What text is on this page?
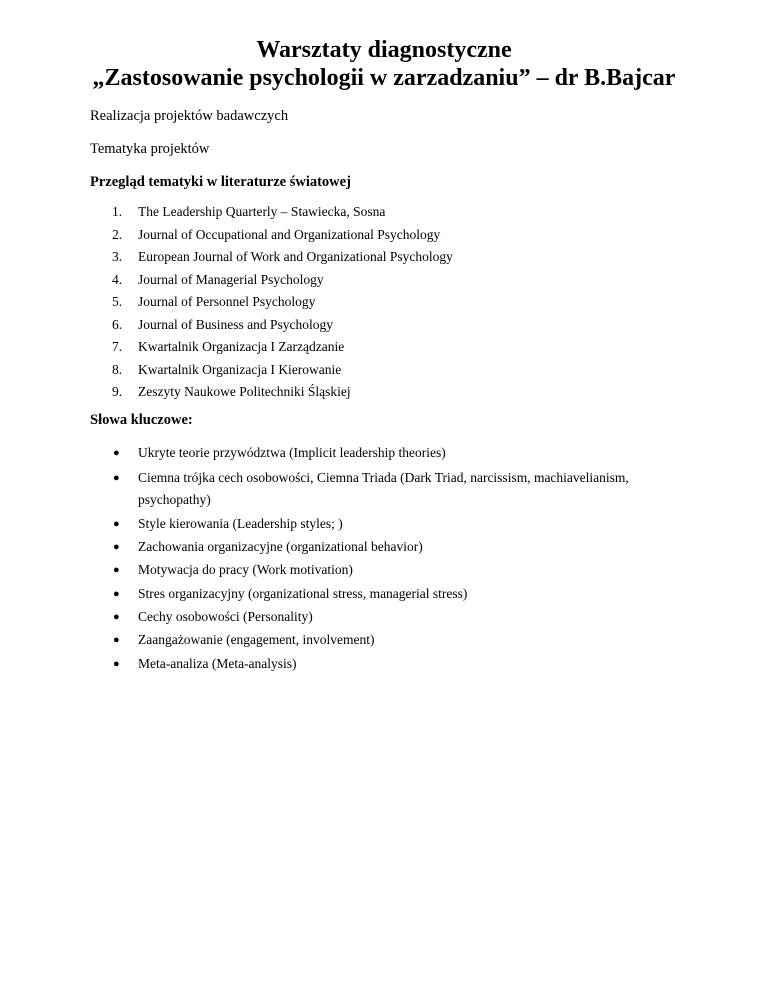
Warsztaty diagnostyczne
„Zastosowanie psychologii w zarzadzaniu” – dr B.Bajcar

Realizacja projektów badawczych

Tematyka projektów

Przegląd tematyki w literaturze światowej

1.	The Leadership Quarterly – Stawiecka, Sosna
2.	Journal of Occupational and Organizational Psychology
3.	European Journal of Work and Organizational Psychology
4.	Journal of Managerial Psychology
5.	Journal of Personnel Psychology
6.	Journal of Business and Psychology
7.	Kwartalnik Organizacja I Zarządzanie
8.	Kwartalnik Organizacja I Kierowanie
9.	Zeszyty Naukowe Politechniki Śląskiej

Słowa kluczowe:

● Ukryte teorie przywództwa (Implicit leadership theories)
● Ciemna trójka cech osobowości, Ciemna Triada (Dark Triad, narcissism, machiavelianism,
psychopathy)
● Style kierowania (Leadership styles; )
● Zachowania organizacyjne (organizational behavior)
● Motywacja do pracy (Work motivation)
● Stres organizacyjny (organizational stress, managerial stress)
● Cechy osobowości (Personality)
● Zaangażowanie (engagement, involvement)
● Meta-analiza (Meta-analysis)
